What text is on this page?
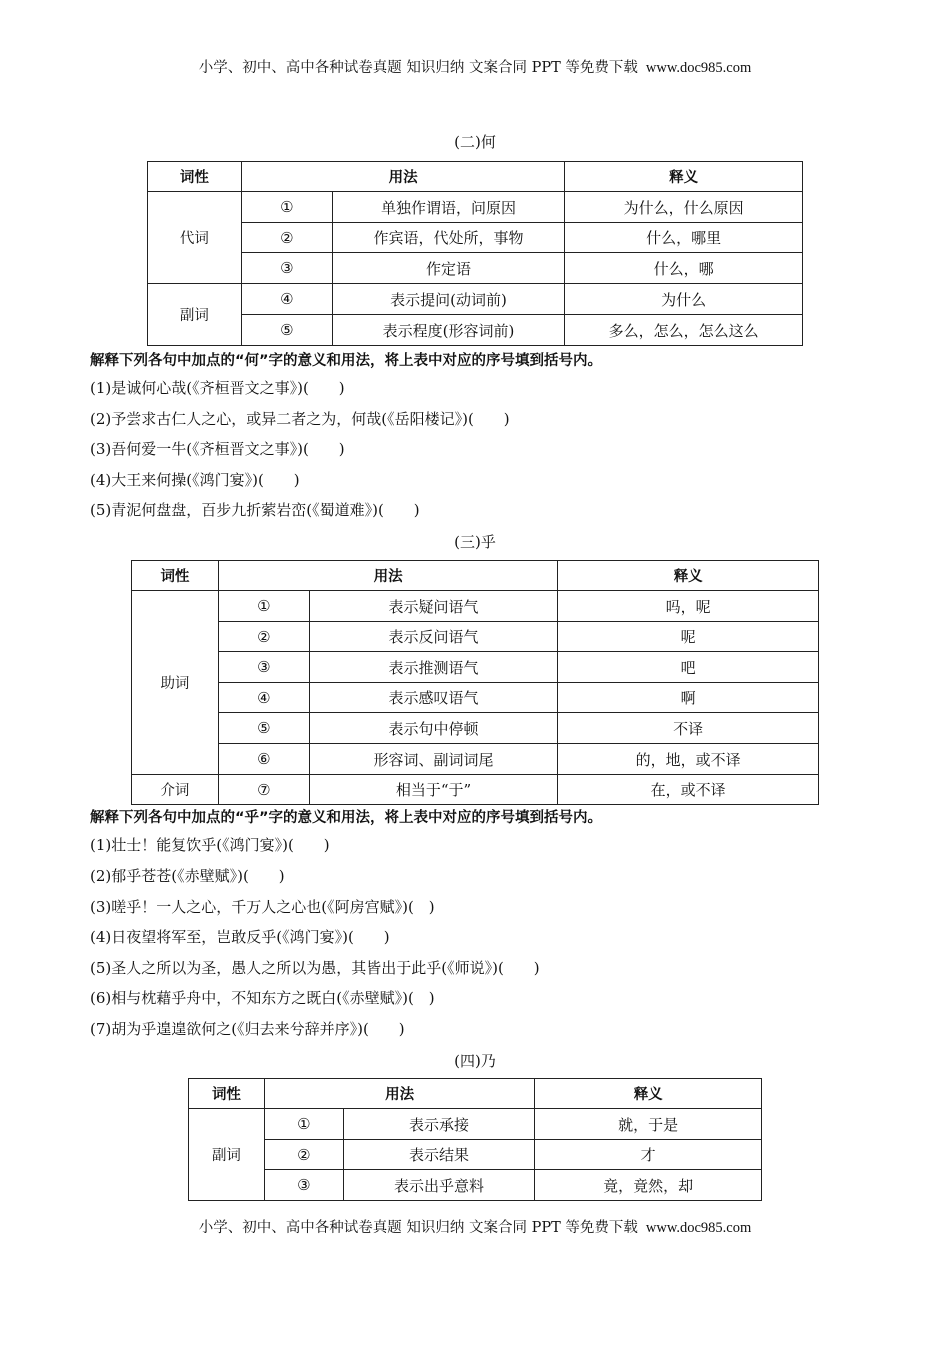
小学、初中、高中各种试卷真题 知识归纳 文案合同 PPT 等免费下载 www.doc985.com
(二)何
词性	用法		释义
代词	①	单独作谓语，问原因	为什么，什么原因
	②	作宾语，代处所，事物	什么，哪里
	③	作定语	什么，哪
副词	④	表示提问(动词前)	为什么
	⑤	表示程度(形容词前)	多么，怎么，怎么这么
解释下列各句中加点的“何”字的意义和用法，将上表中对应的序号填到括号内。
(1)是诚何心哉(《齐桓晋文之事》)(　　)
(2)予尝求古仁人之心，或异二者之为，何哉(《岳阳楼记》)(　　)
(3)吾何爱一牛(《齐桓晋文之事》)(　　)
(4)大王来何操(《鸿门宴》)(　　)
(5)青泥何盘盘，百步九折萦岩峦(《蜀道难》)(　　)
(三)乎
词性	用法		释义
助词	①	表示疑问语气	吗，呢
	②	表示反问语气	呢
	③	表示推测语气	吧
	④	表示感叹语气	啊
	⑤	表示句中停顿	不译
	⑥	形容词、副词词尾	的，地，或不译
介词	⑦	相当于“于”	在，或不译
解释下列各句中加点的“乎”字的意义和用法，将上表中对应的序号填到括号内。
(1)壮士！能复饮乎(《鸿门宴》)(　　)
(2)郁乎苍苍(《赤壁赋》)(　　)
(3)嗟乎！一人之心，千万人之心也(《阿房宫赋》)(　)
(4)日夜望将军至，岂敢反乎(《鸿门宴》)(　　)
(5)圣人之所以为圣，愚人之所以为愚，其皆出于此乎(《师说》)(　　)
(6)相与枕藉乎舟中，不知东方之既白(《赤壁赋》)(　)
(7)胡为乎遑遑欲何之(《归去来兮辞并序》)(　　)
(四)乃
词性	用法		释义
副词	①	表示承接	就，于是
	②	表示结果	才
	③	表示出乎意料	竟，竟然，却
小学、初中、高中各种试卷真题 知识归纳 文案合同 PPT 等免费下载 www.doc985.com
